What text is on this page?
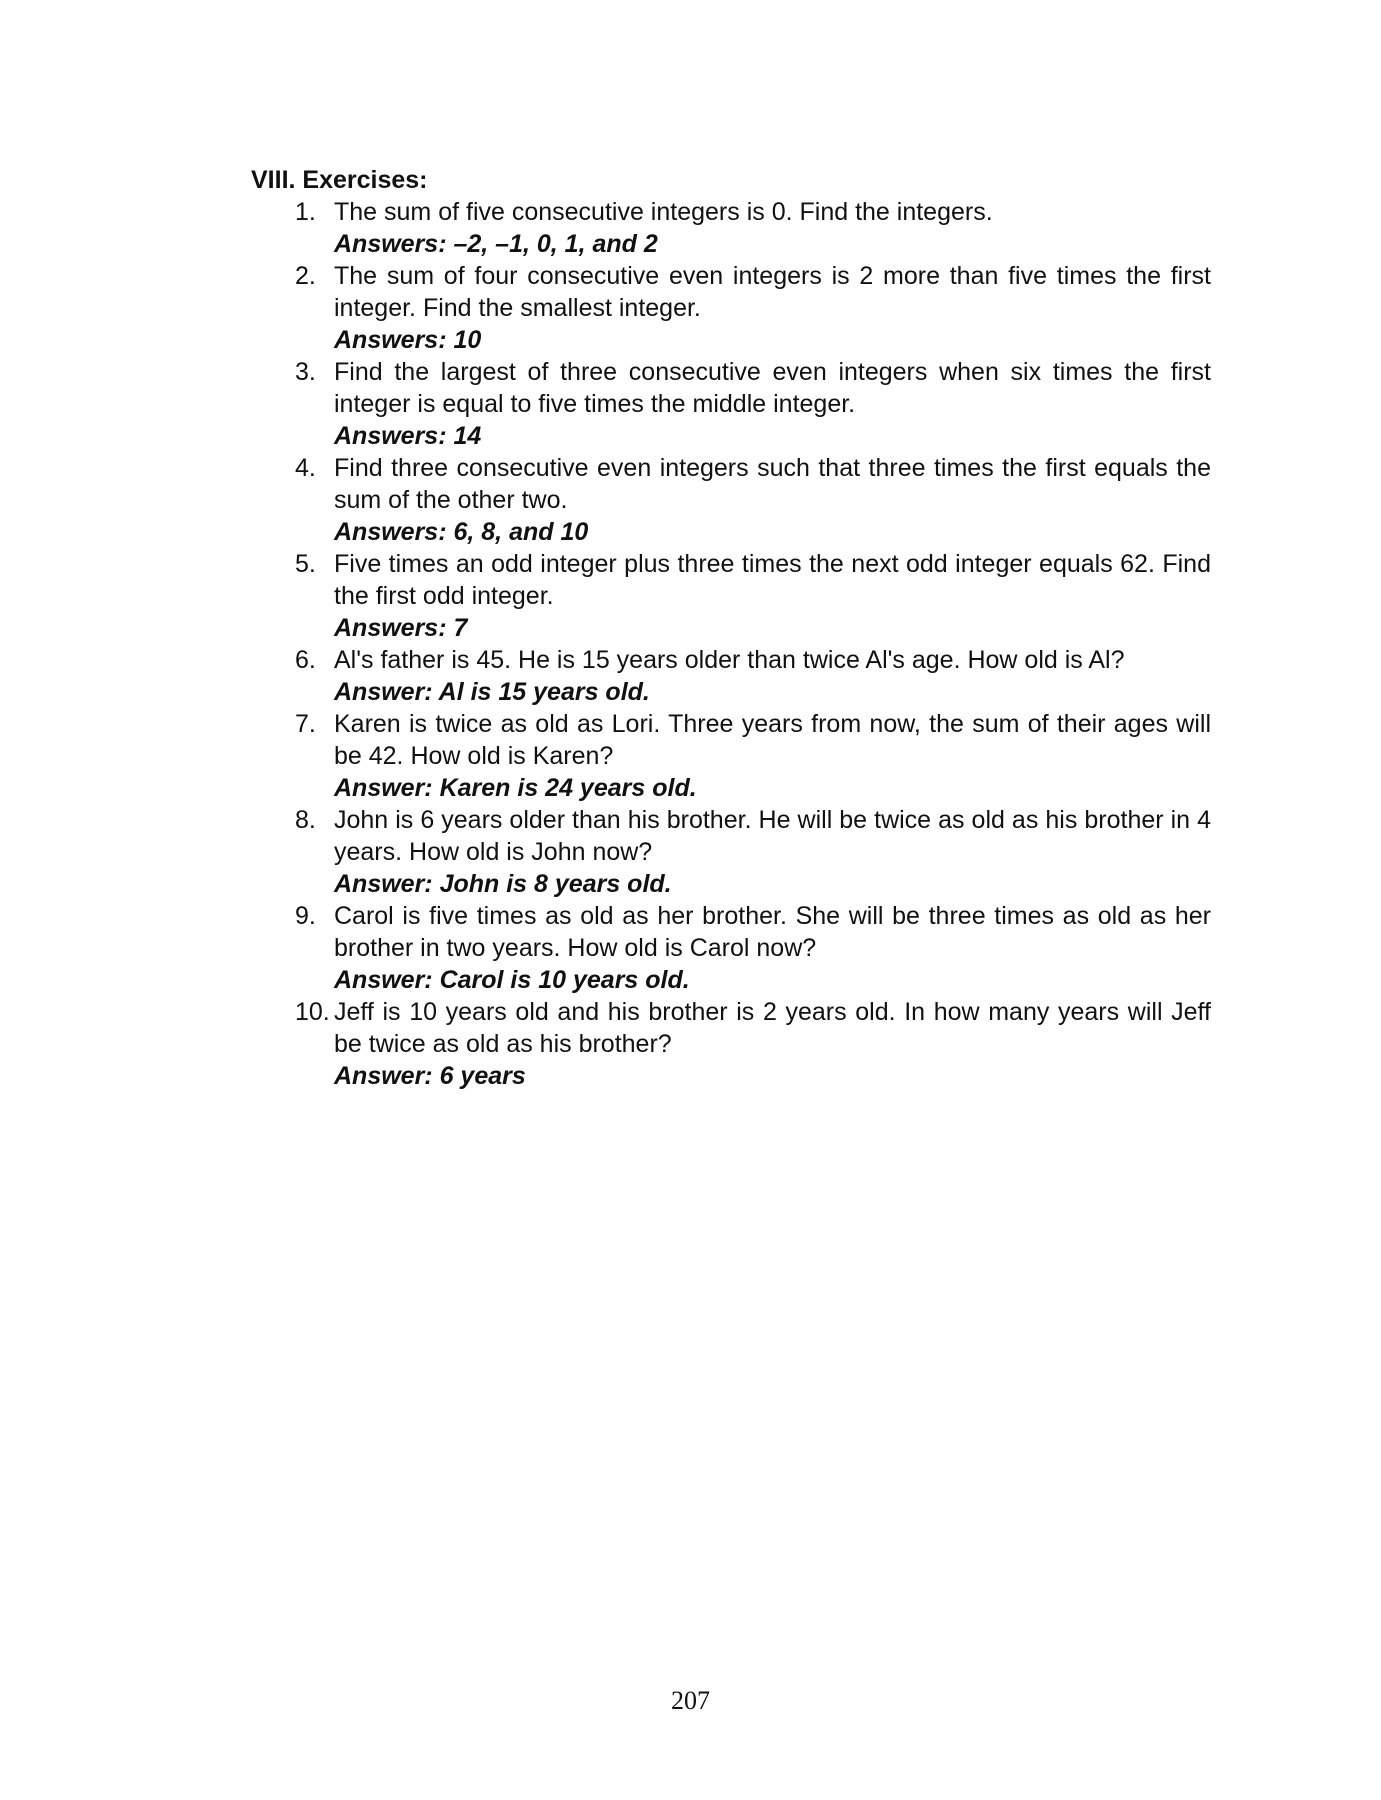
VIII. Exercises:
1. The sum of five consecutive integers is 0. Find the integers.
Answers: –2, –1, 0, 1, and 2
2. The sum of four consecutive even integers is 2 more than five times the first integer. Find the smallest integer.
Answers: 10
3. Find the largest of three consecutive even integers when six times the first integer is equal to five times the middle integer.
Answers: 14
4. Find three consecutive even integers such that three times the first equals the sum of the other two.
Answers: 6, 8, and 10
5. Five times an odd integer plus three times the next odd integer equals 62. Find the first odd integer.
Answers: 7
6. Al's father is 45. He is 15 years older than twice Al's age. How old is Al?
Answer: Al is 15 years old.
7. Karen is twice as old as Lori. Three years from now, the sum of their ages will be 42. How old is Karen?
Answer: Karen is 24 years old.
8. John is 6 years older than his brother. He will be twice as old as his brother in 4 years. How old is John now?
Answer: John is 8 years old.
9. Carol is five times as old as her brother. She will be three times as old as her brother in two years. How old is Carol now?
Answer: Carol is 10 years old.
10. Jeff is 10 years old and his brother is 2 years old. In how many years will Jeff be twice as old as his brother?
Answer: 6 years
207
